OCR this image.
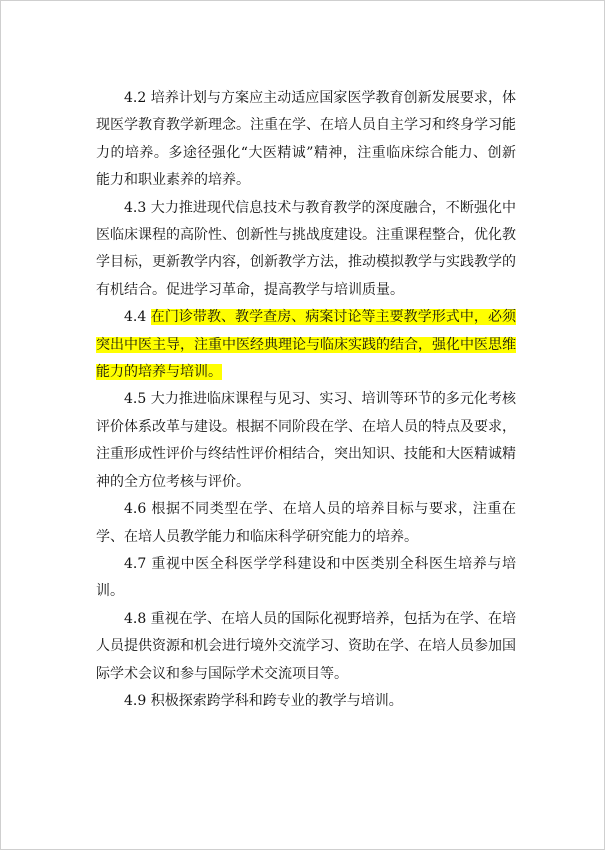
4.2 培养计划与方案应主动适应国家医学教育创新发展要求，体现医学教育教学新理念。注重在学、在培人员自主学习和终身学习能力的培养。多途径强化“大医精诚”精神，注重临床综合能力、创新能力和职业素养的培养。

4.3 大力推进现代信息技术与教育教学的深度融合，不断强化中医临床课程的高阶性、创新性与挑战度建设。注重课程整合，优化教学目标，更新教学内容，创新教学方法，推动模拟教学与实践教学的有机结合。促进学习革命，提高教学与培训质量。

4.4 在门诊带教、教学查房、病案讨论等主要教学形式中，必须突出中医主导，注重中医经典理论与临床实践的结合，强化中医思维能力的培养与培训。

4.5 大力推进临床课程与见习、实习、培训等环节的多元化考核评价体系改革与建设。根据不同阶段在学、在培人员的特点及要求，注重形成性评价与终结性评价相结合，突出知识、技能和大医精诚精神的全方位考核与评价。

4.6 根据不同类型在学、在培人员的培养目标与要求，注重在学、在培人员教学能力和临床科学研究能力的培养。

4.7 重视中医全科医学学科建设和中医类别全科医生培养与培训。

4.8 重视在学、在培人员的国际化视野培养，包括为在学、在培人员提供资源和机会进行境外交流学习、资助在学、在培人员参加国际学术会议和参与国际学术交流项目等。

4.9 积极探索跨学科和跨专业的教学与培训。
